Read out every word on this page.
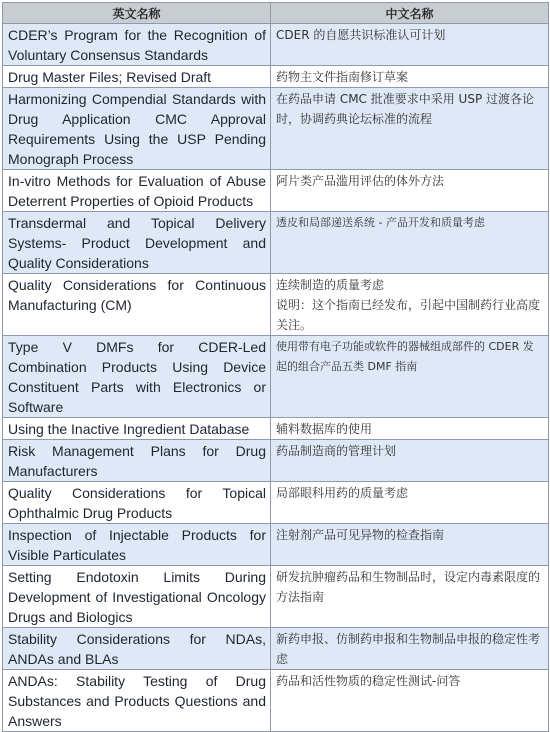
英文名称	中文名称
CDER’s Program for the Recognition of Voluntary Consensus Standards	CDER 的自愿共识标准认可计划
Drug Master Files; Revised Draft	药物主文件指南修订草案
Harmonizing Compendial Standards with Drug Application CMC Approval Requirements Using the USP Pending Monograph Process	在药品申请 CMC 批准要求中采用 USP 过渡各论时，协调药典论坛标准的流程
In-vitro Methods for Evaluation of Abuse Deterrent Properties of Opioid Products	阿片类产品滥用评估的体外方法
Transdermal and Topical Delivery Systems- Product Development and Quality Considerations	透皮和局部递送系统 - 产品开发和质量考虑
Quality Considerations for Continuous Manufacturing (CM)	连续制造的质量考虑
说明：这个指南已经发布，引起中国制药行业高度关注。

Type V DMFs for CDER-Led Combination Products Using Device Constituent Parts with Electronics or Software	使用带有电子功能或软件的器械组成部件的 CDER 发起的组合产品五类 DMF 指南
Using the Inactive Ingredient Database	辅料数据库的使用
Risk Management Plans for Drug Manufacturers	药品制造商的管理计划
Quality Considerations for Topical Ophthalmic Drug Products	局部眼科用药的质量考虑
Inspection of Injectable Products for Visible Particulates	注射剂产品可见异物的检查指南
Setting Endotoxin Limits During Development of Investigational Oncology Drugs and Biologics	研发抗肿瘤药品和生物制品时，设定内毒素限度的方法指南
Stability Considerations for NDAs, ANDAs and BLAs	新药申报、仿制药申报和生物制品申报的稳定性考虑
ANDAs: Stability Testing of Drug Substances and Products Questions and Answers	药品和活性物质的稳定性测试-问答
